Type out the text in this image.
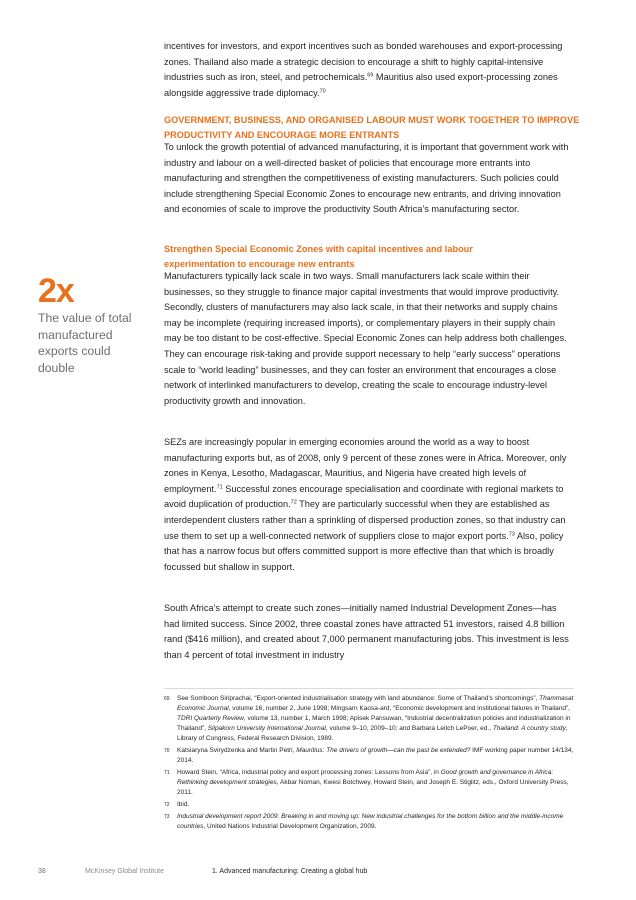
incentives for investors, and export incentives such as bonded warehouses and export-processing zones. Thailand also made a strategic decision to encourage a shift to highly capital-intensive industries such as iron, steel, and petrochemicals.$^{69}$ Mauritius also used export-processing zones alongside aggressive trade diplomacy.$^{70}$

GOVERNMENT, BUSINESS, AND ORGANISED LABOUR MUST WORK TOGETHER TO IMPROVE PRODUCTIVITY AND ENCOURAGE MORE ENTRANTS

To unlock the growth potential of advanced manufacturing, it is important that government work with industry and labour on a well-directed basket of policies that encourage more entrants into manufacturing and strengthen the competitiveness of existing manufacturers. Such policies could include strengthening Special Economic Zones to encourage new entrants, and driving innovation and economies of scale to improve the productivity South Africa’s manufacturing sector.

Strengthen Special Economic Zones with capital incentives and labour experimentation to encourage new entrants

Manufacturers typically lack scale in two ways. Small manufacturers lack scale within their businesses, so they struggle to finance major capital investments that would improve productivity. Secondly, clusters of manufacturers may also lack scale, in that their networks and supply chains may be incomplete (requiring increased imports), or complementary players in their supply chain may be too distant to be cost-effective. Special Economic Zones can help address both challenges. They can encourage risk-taking and provide support necessary to help “early success” operations scale to “world leading” businesses, and they can foster an environment that encourages a close network of interlinked manufacturers to develop, creating the scale to encourage industry-level productivity growth and innovation.

SEZs are increasingly popular in emerging economies around the world as a way to boost manufacturing exports but, as of 2008, only 9 percent of these zones were in Africa. Moreover, only zones in Kenya, Lesotho, Madagascar, Mauritius, and Nigeria have created high levels of employment.$^{71}$ Successful zones encourage specialisation and coordinate with regional markets to avoid duplication of production.$^{72}$ They are particularly successful when they are established as interdependent clusters rather than a sprinkling of dispersed production zones, so that industry can use them to set up a well-connected network of suppliers close to major export ports.$^{73}$ Also, policy that has a narrow focus but offers committed support is more effective than that which is broadly focussed but shallow in support.

South Africa’s attempt to create such zones—initially named Industrial Development Zones—has had limited success. Since 2002, three coastal zones have attracted 51 investors, raised 4.8 billion rand ($416 million), and created about 7,000 permanent manufacturing jobs. This investment is less than 4 percent of total investment in industry

2x
The value of total manufactured exports could double
69 See Somboon Siriprachai, “Export-oriented industrialisation strategy with land abundance: Some of Thailand’s shortcomings”, Thammasat Economic Journal, volume 16, number 2, June 1998; Mingsarn Kaosa-ard, “Economic development and institutional failures in Thailand”, TDRI Quarterly Review, volume 13, number 1, March 1998; Apisek Pansuwan, “Industrial decentralization policies and industrialization in Thailand”, Silpakorn University International Journal, volume 9–10, 2009–10; and Barbara Leitch LePoer, ed., Thailand: A country study, Library of Congress, Federal Research Division, 1989.
70 Katsiaryna Svirydzenka and Martin Petri, Mauritius: The drivers of growth—can the past be extended? IMF working paper number 14/134, 2014.
71 Howard Stein, “Africa, industrial policy and export processing zones: Lessons from Asia”, in Good growth and governance in Africa: Rethinking development strategies, Akbar Noman, Kwesi Botchwey, Howard Stein, and Joseph E. Stiglitz, eds., Oxford University Press, 2011.
72 Ibid.
73 Industrial development report 2009: Breaking in and moving up: New industrial challenges for the bottom billion and the middle-income countries, United Nations Industrial Development Organization, 2009.
38	McKinsey Global Institute	1. Advanced manufacturing: Creating a global hub
